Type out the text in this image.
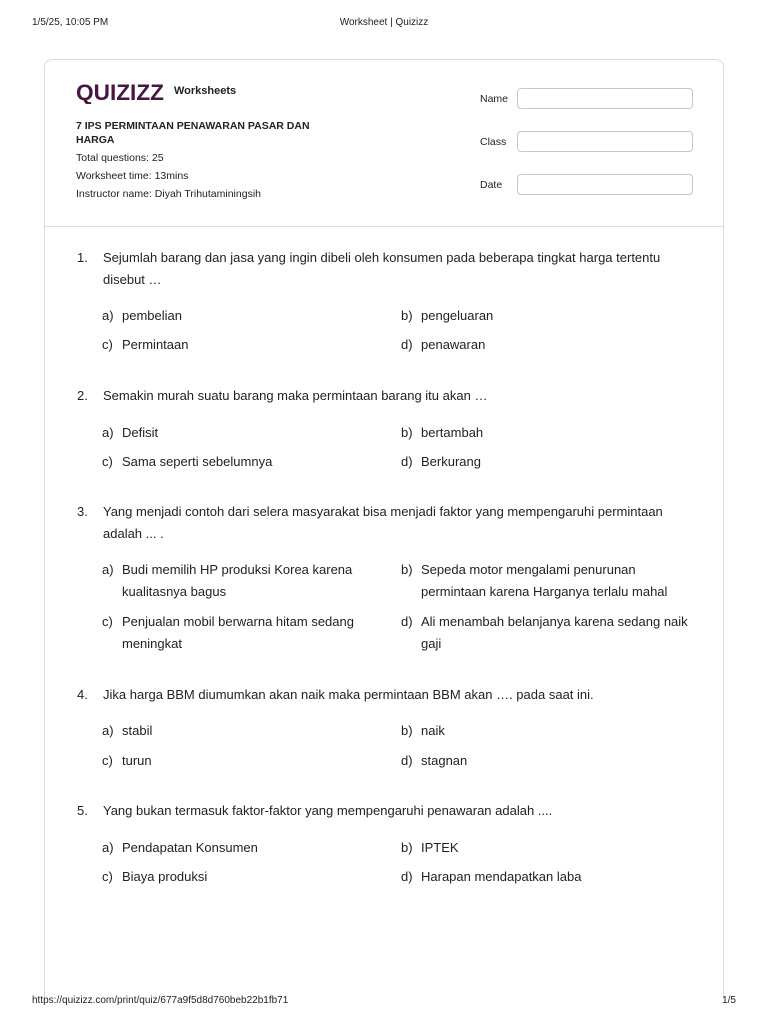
1/5/25, 10:05 PM	Worksheet | Quizizz
QUIZIZZ Worksheets
7 IPS PERMINTAAN PENAWARAN PASAR DAN HARGA
Total questions: 25
Worksheet time: 13mins
Instructor name: Diyah Trihutaminingsih
Name
Class
Date
1. Sejumlah barang dan jasa yang ingin dibeli oleh konsumen pada beberapa tingkat harga tertentu disebut …
a) pembelian	b) pengeluaran
c) Permintaan	d) penawaran
2. Semakin murah suatu barang maka permintaan barang itu akan …
a) Defisit	b) bertambah
c) Sama seperti sebelumnya	d) Berkurang
3. Yang menjadi contoh dari selera masyarakat bisa menjadi faktor yang mempengaruhi permintaan adalah ... .
a) Budi memilih HP produksi Korea karena kualitasnya bagus
b) Sepeda motor mengalami penurunan permintaan karena Harganya terlalu mahal
c) Penjualan mobil berwarna hitam sedang meningkat
d) Ali menambah belanjanya karena sedang naik gaji
4. Jika harga BBM diumumkan akan naik maka permintaan BBM akan …. pada saat ini.
a) stabil	b) naik
c) turun	d) stagnan
5. Yang bukan termasuk faktor-faktor yang mempengaruhi penawaran adalah ....
a) Pendapatan Konsumen	b) IPTEK
c) Biaya produksi	d) Harapan mendapatkan laba
https://quizizz.com/print/quiz/677a9f5d8d760beb22b1fb71	1/5
